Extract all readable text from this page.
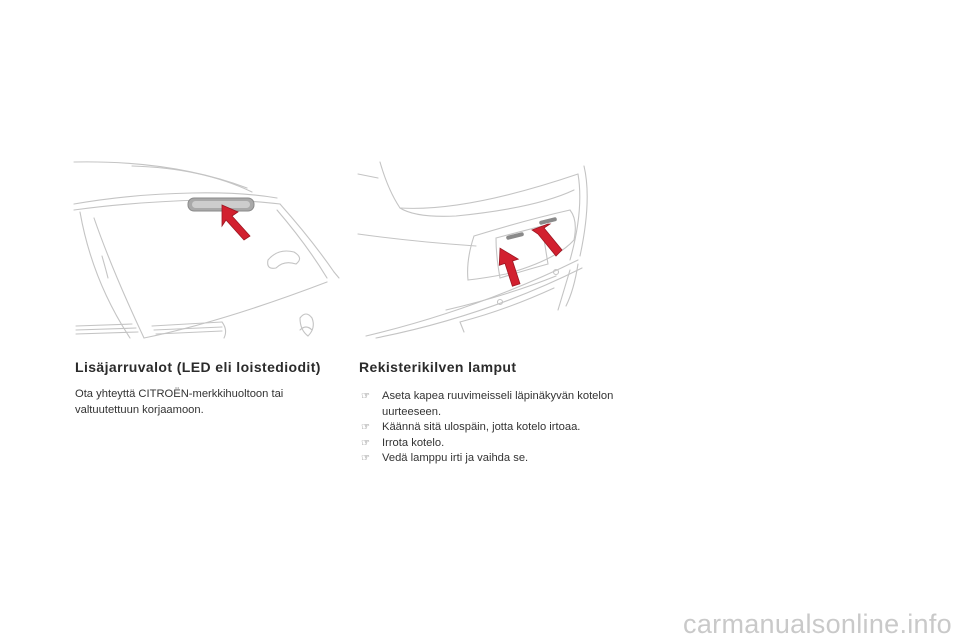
Lisäjarruvalot (LED eli loistediodit)

Ota yhteyttä CITROËN-merkkihuoltoon tai valtuutettuun korjaamoon.

Rekisterikilven lamput
☞ Aseta kapea ruuvimeisseli läpinäkyvän kotelon uurteeseen.
☞ Käännä sitä ulospäin, jotta kotelo irtoaa.
☞ Irrota kotelo.
☞ Vedä lamppu irti ja vaihda se.
carmanualsonline.info
